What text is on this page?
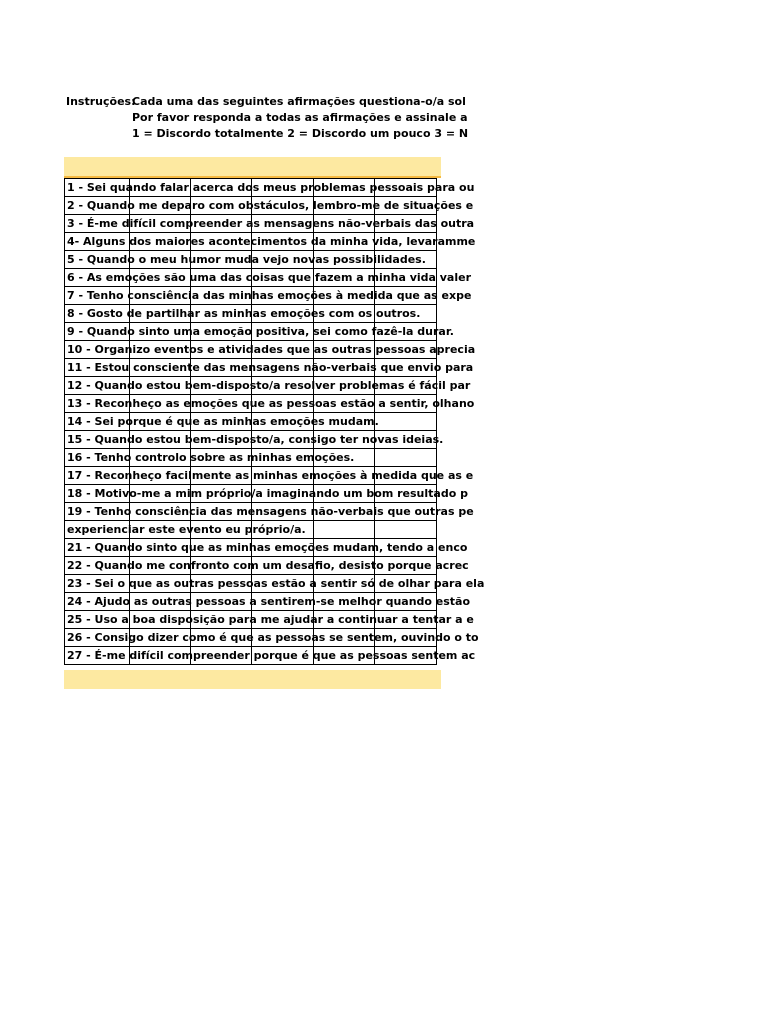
Instruções:Cada uma das seguintes afirmações questiona-o/a sol
Por favor responda a todas as afirmações e assinale a
1 = Discordo totalmente 2 = Discordo um pouco 3 = N
1 - Sei quando falar acerca dos meus problemas pessoais para ou					

2 - Quando me deparo com obstáculos, lembro-me de situações e					

3 - É-me difícil compreender as mensagens não-verbais das outra					

4- Alguns dos maiores acontecimentos da minha vida, levaramme					

5 - Quando o meu humor muda vejo novas possibilidades.					

6 - As emoções são uma das coisas que fazem a minha vida valer					

7 - Tenho consciência das minhas emoções à medida que as expe					

8 - Gosto de partilhar as minhas emoções com os outros.					

9 - Quando sinto uma emoção positiva, sei como fazê-la durar.					

10 - Organizo eventos e atividades que as outras pessoas aprecia					

11 - Estou consciente das mensagens não-verbais que envio para					

12 - Quando estou bem-disposto/a resolver problemas é fácil par					

13 - Reconheço as emoções que as pessoas estão a sentir, olhano					

14 - Sei porque é que as minhas emoções mudam.					

15 - Quando estou bem-disposto/a, consigo ter novas ideias.					

16 - Tenho controlo sobre as minhas emoções.					

17 - Reconheço facilmente as minhas emoções à medida que as e					

18 - Motivo-me a mim próprio/a imaginando um bom resultado p					

19 - Tenho consciência das mensagens não-verbais que outras pe					

experienciar este evento eu próprio/a.					

21 - Quando sinto que as minhas emoções mudam, tendo a enco					

22 - Quando me confronto com um desafio, desisto porque acrec					

23 - Sei o que as outras pessoas estão a sentir só de olhar para ela					

24 - Ajudo as outras pessoas a sentirem-se melhor quando estão					

25 - Uso a boa disposição para me ajudar a continuar a tentar a e					

26 - Consigo dizer como é que as pessoas se sentem, ouvindo o to					

27 - É-me difícil compreender porque é que as pessoas sentem ac					
